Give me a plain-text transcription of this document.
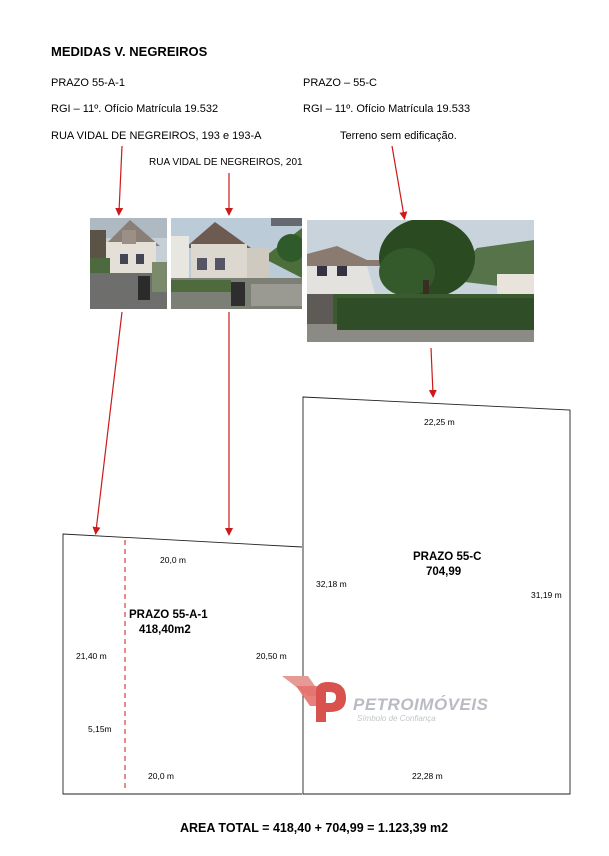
MEDIDAS V. NEGREIROS
PRAZO 55-A-1
RGI – 11º. Ofício Matrícula 19.532
RUA VIDAL DE NEGREIROS, 193 e 193-A
RUA VIDAL DE NEGREIROS, 201
PRAZO – 55-C
RGI – 11º. Ofício Matrícula 19.533
Terreno sem edificação.
20,0 m
PRAZO 55-A-1
418,40m2
21,40 m	20,50 m
5,15m
20,0 m
22,25 m
PRAZO 55-C
704,99
32,18 m
31,19 m
22,28 m
PETROIMÓVEIS
Símbolo de Confiança
AREA TOTAL = 418,40 + 704,99 = 1.123,39 m2
